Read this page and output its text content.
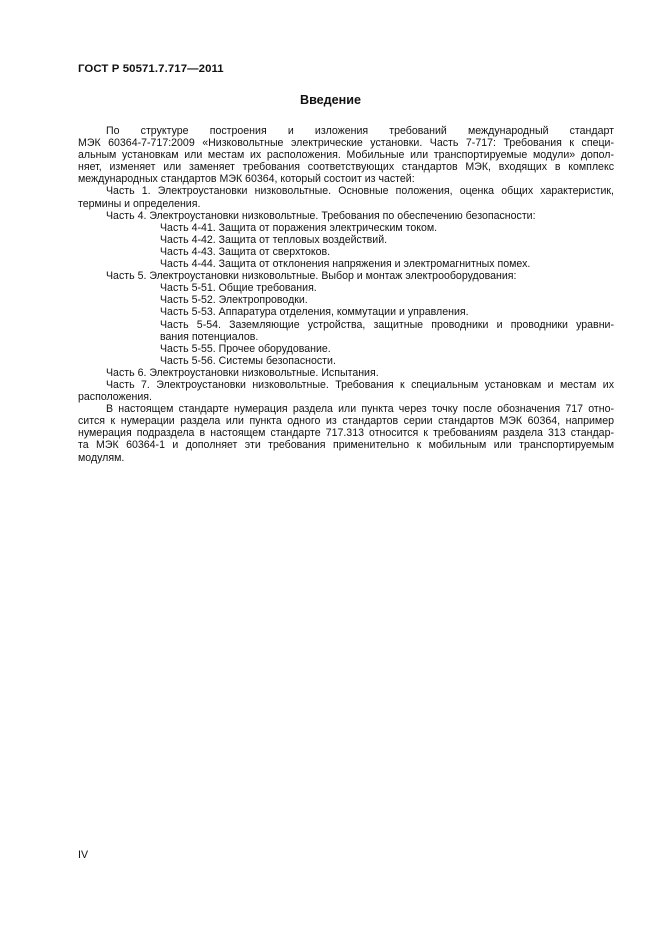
ГОСТ Р 50571.7.717—2011
Введение

По структуре построения и изложения требований международный стандарт

МЭК 60364-7-717:2009 «Низковольтные электрические установки. Часть 7-717: Требования к специ-

альным установкам или местам их расположения. Мобильные или транспортируемые модули» допол-

няет, изменяет или заменяет требования соответствующих стандартов МЭК, входящих в комплекс

международных стандартов МЭК 60364, который состоит из частей:

Часть 1. Электроустановки низковольтные. Основные положения, оценка общих характеристик,

термины и определения.

Часть 4. Электроустановки низковольтные. Требования по обеспечению безопасности:

Часть 4-41. Защита от поражения электрическим током.

Часть 4-42. Защита от тепловых воздействий.

Часть 4-43. Защита от сверхтоков.

Часть 4-44. Защита от отклонения напряжения и электромагнитных помех.

Часть 5. Электроустановки низковольтные. Выбор и монтаж электрооборудования:

Часть 5-51. Общие требования.

Часть 5-52. Электропроводки.

Часть 5-53. Аппаратура отделения, коммутации и управления.

Часть 5-54. Заземляющие устройства, защитные проводники и проводники уравни-

вания потенциалов.

Часть 5-55. Прочее оборудование.

Часть 5-56. Системы безопасности.

Часть 6. Электроустановки низковольтные. Испытания.

Часть 7. Электроустановки низковольтные. Требования к специальным установкам и местам их

расположения.

В настоящем стандарте нумерация раздела или пункта через точку после обозначения 717 отно-

сится к нумерации раздела или пункта одного из стандартов серии стандартов МЭК 60364, например

нумерация подраздела в настоящем стандарте 717.313 относится к требованиям раздела 313 стандар-

та МЭК 60364-1 и дополняет эти требования применительно к мобильным или транспортируемым

модулям.

IV
